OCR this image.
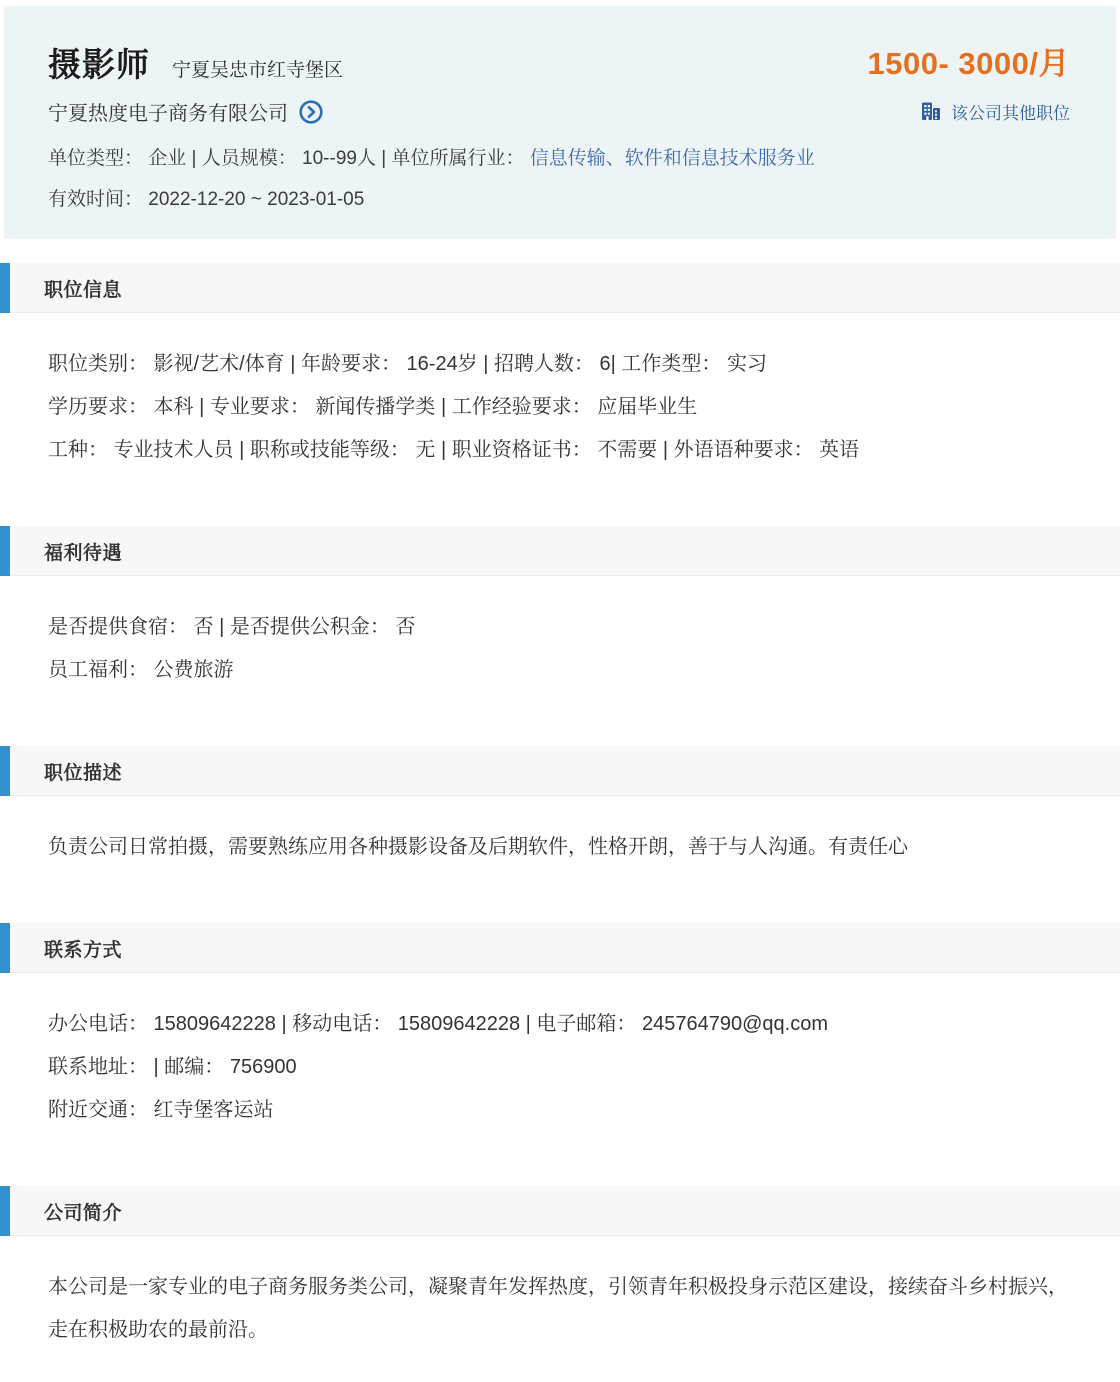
摄影师 宁夏吴忠市红寺堡区	1500- 3000/月
宁夏热度电子商务有限公司	该公司其他职位
单位类型： 企业 | 人员规模： 10--99人 | 单位所属行业： 信息传输、软件和信息技术服务业
有效时间： 2022-12-20 ~ 2023-01-05
职位信息
职位类别： 影视/艺术/体育 | 年龄要求： 16-24岁 | 招聘人数： 6| 工作类型： 实习
学历要求： 本科 | 专业要求： 新闻传播学类 | 工作经验要求： 应届毕业生
工种： 专业技术人员 | 职称或技能等级： 无 | 职业资格证书： 不需要 | 外语语种要求： 英语
福利待遇
是否提供食宿： 否 | 是否提供公积金： 否
员工福利： 公费旅游
职位描述
负责公司日常拍摄，需要熟练应用各种摄影设备及后期软件，性格开朗，善于与人沟通。有责任心
联系方式
办公电话： 15809642228 | 移动电话： 15809642228 | 电子邮箱： 245764790@qq.com
联系地址： | 邮编： 756900
附近交通： 红寺堡客运站
公司简介
本公司是一家专业的电子商务服务类公司，凝聚青年发挥热度，引领青年积极投身示范区建设，接续奋斗乡村振兴，走在积极助农的最前沿。
